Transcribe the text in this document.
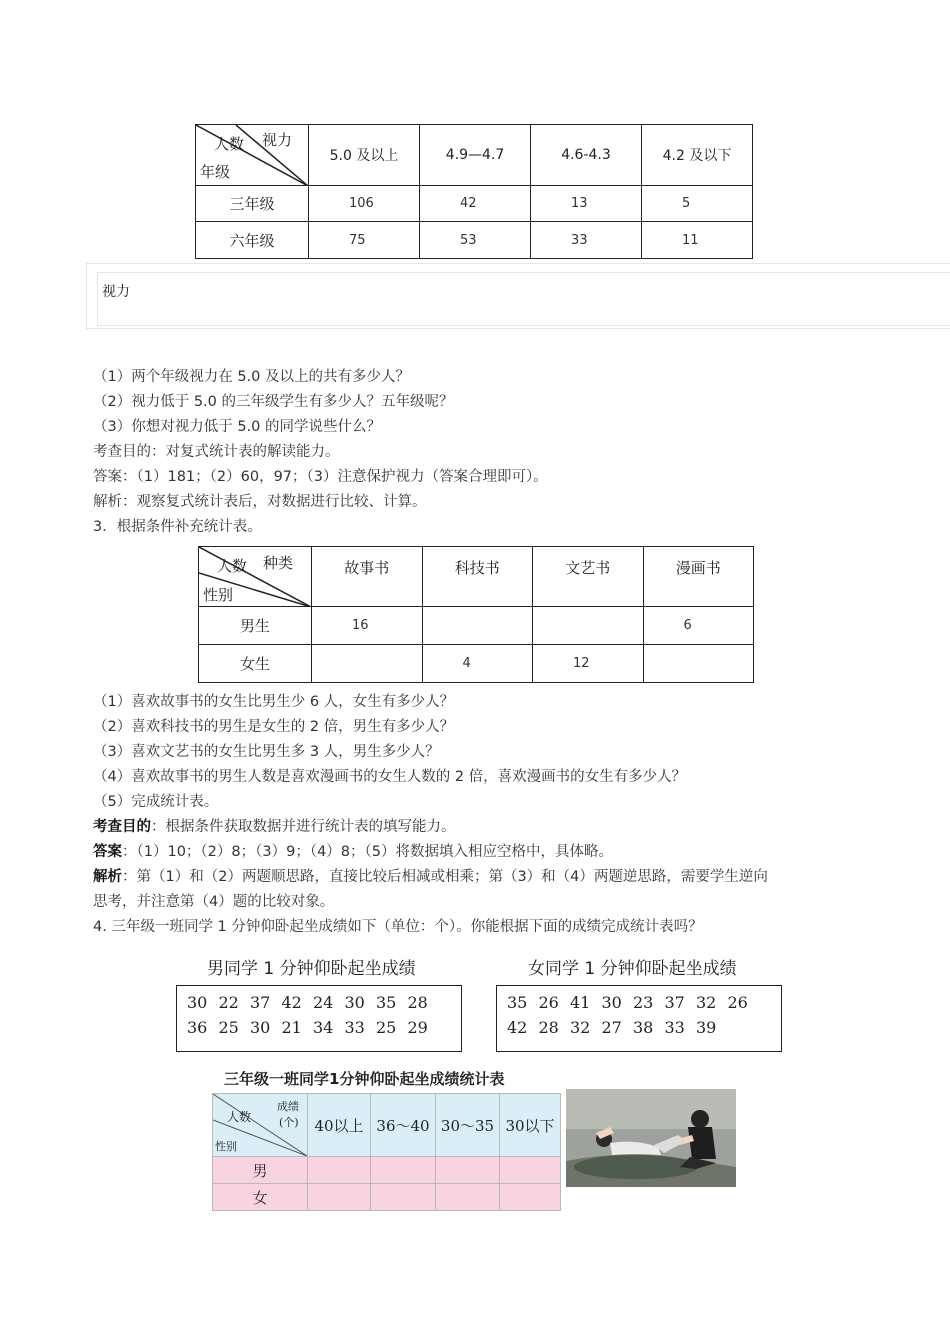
视力
人数
年级	5.0 及以上	4.9—4.7	4.6-4.3	4.2 及以下
三年级	106	42	13	5
六年级	75	53	33	11
视力
（1）两个年级视力在 5.0 及以上的共有多少人？
（2）视力低于 5.0 的三年级学生有多少人？五年级呢？
（3）你想对视力低于 5.0 的同学说些什么？
考查目的：对复式统计表的解读能力。
答案：（1）181；（2）60，97；（3）注意保护视力（答案合理即可）。
解析：观察复式统计表后，对数据进行比较、计算。
3．根据条件补充统计表。
种类
人数
性别	故事书	科技书	文艺书	漫画书
男生	16			6
女生		4	12	
（1）喜欢故事书的女生比男生少 6 人，女生有多少人？
（2）喜欢科技书的男生是女生的 2 倍，男生有多少人？
（3）喜欢文艺书的女生比男生多 3 人，男生多少人？
（4）喜欢故事书的男生人数是喜欢漫画书的女生人数的 2 倍，喜欢漫画书的女生有多少人？
（5）完成统计表。
考查目的：根据条件获取数据并进行统计表的填写能力。
答案：（1）10；（2）8；（3）9；（4）8；（5）将数据填入相应空格中，具体略。
解析：第（1）和（2）两题顺思路，直接比较后相减或相乘；第（3）和（4）两题逆思路，需要学生逆向
思考，并注意第（4）题的比较对象。
4. 三年级一班同学 1 分钟仰卧起坐成绩如下（单位：个）。你能根据下面的成绩完成统计表吗？
男同学 1 分钟仰卧起坐成绩
30 22 37 42 24 30 35 28
36 25 30 21 34 33 25 29
女同学 1 分钟仰卧起坐成绩
35 26 41 30 23 37 32 26
42 28 32 27 38 33 39
三年级一班同学1分钟仰卧起坐成绩统计表
成绩
(个)
人数
性别	40以上	36～40	30～35	30以下
男				
女				
